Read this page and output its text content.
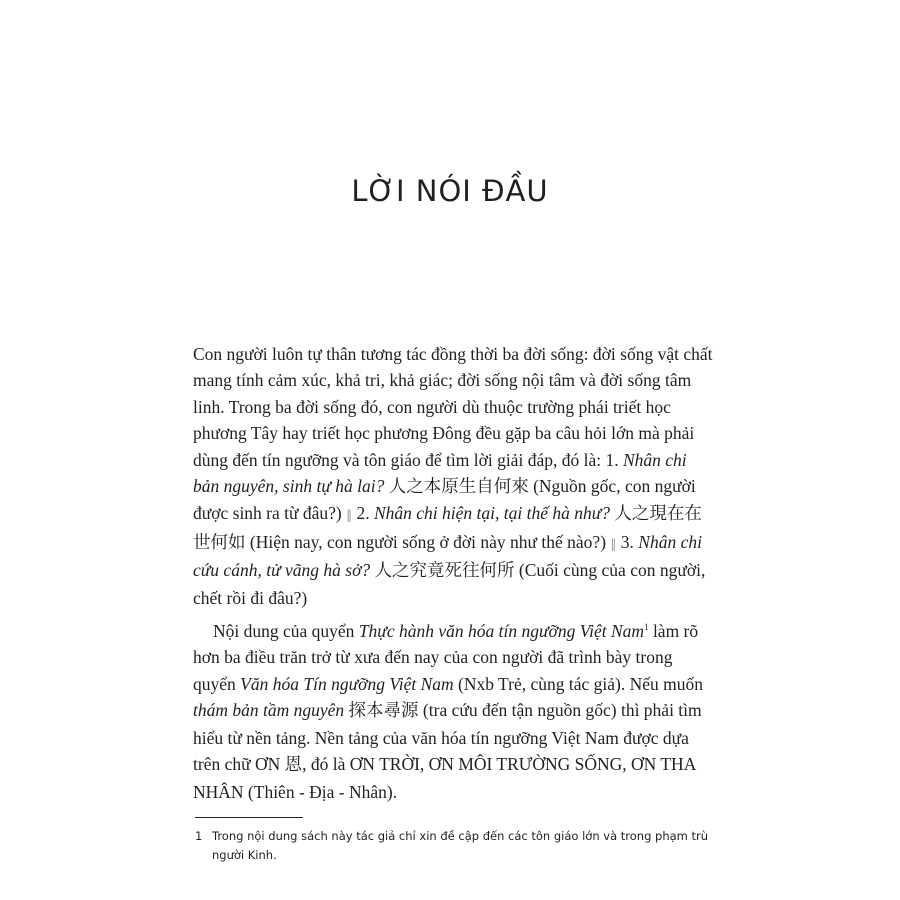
LỜI NÓI ĐẦU

Con người luôn tự thân tương tác đồng thời ba đời sống: đời sống vật chất mang tính cảm xúc, khả tri, khả giác; đời sống nội tâm và đời sống tâm linh. Trong ba đời sống đó, con người dù thuộc trường phái triết học phương Tây hay triết học phương Đông đều gặp ba câu hỏi lớn mà phải dùng đến tín ngưỡng và tôn giáo để tìm lời giải đáp, đó là: 1. Nhân chi bản nguyên, sinh tự hà lai? 人之本原生自何來 (Nguồn gốc, con người được sinh ra từ đâu?) ‖ 2. Nhân chi hiện tại, tại thế hà như? 人之現在在世何如 (Hiện nay, con người sống ở đời này như thế nào?) ‖ 3. Nhân chi cứu cánh, tử vãng hà sở? 人之究竟死往何所 (Cuối cùng của con người, chết rồi đi đâu?)

Nội dung của quyển Thực hành văn hóa tín ngưỡng Việt Nam$^1$ làm rõ hơn ba điều trăn trở từ xưa đến nay của con người đã trình bày trong quyển Văn hóa Tín ngưỡng Việt Nam (Nxb Trẻ, cùng tác giả). Nếu muốn thám bản tầm nguyên 探本尋源 (tra cứu đến tận nguồn gốc) thì phải tìm hiểu từ nền tảng. Nền tảng của văn hóa tín ngưỡng Việt Nam được dựa trên chữ ƠN 恩, đó là ƠN TRỜI, ƠN MÔI TRƯỜNG SỐNG, ƠN THA NHÂN (Thiên - Địa - Nhân).

1 Trong nội dung sách này tác giả chỉ xin đề cập đến các tôn giáo lớn và trong phạm trù người Kinh.
